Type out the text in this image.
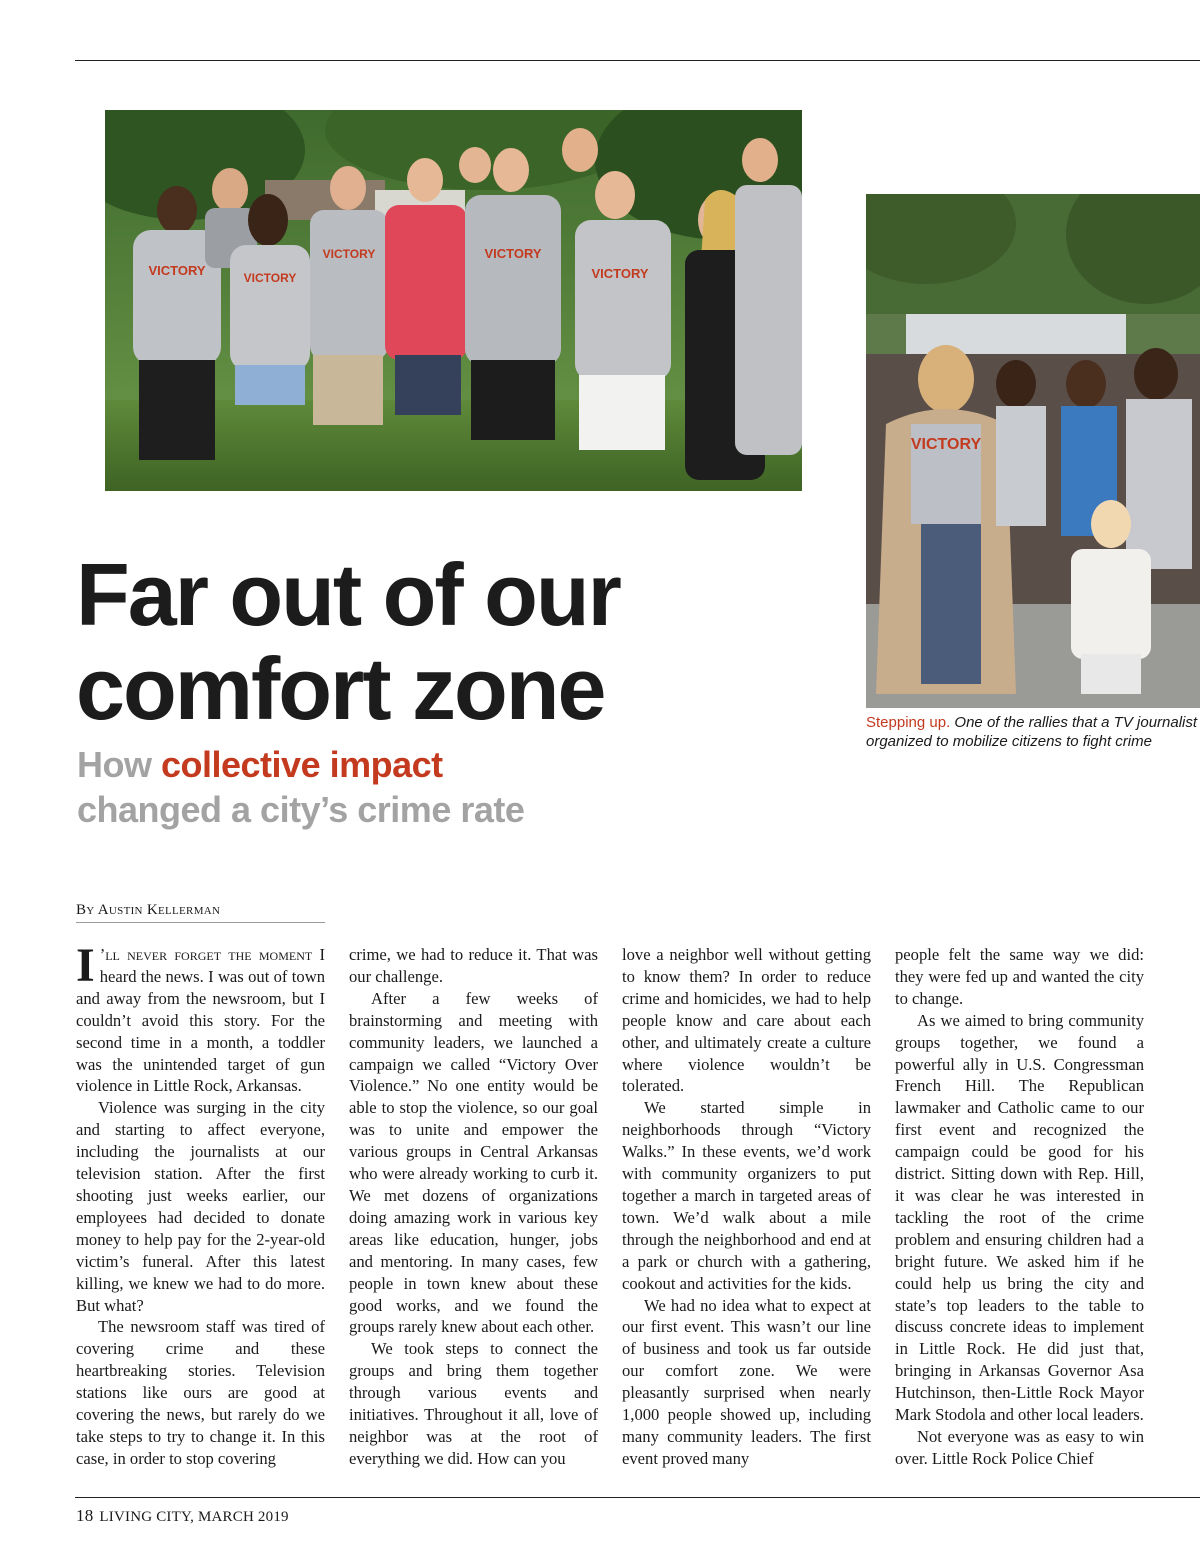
VICTORY	VICTORY
VICTORY	VICTORY
VICTORY
VICTORY
Stepping up. One of the rallies that a TV journalist organized to mobilize citizens to fight crime
Far out of our comfort zone
How collective impact
changed a city’s crime rate
By Austin Kellerman

I ’ll never forget the moment I heard the news. I was out of town and away from the newsroom, but I couldn’t avoid this story. For the second time in a month, a toddler was the unintended target of gun violence in Little Rock, Arkansas.

Violence was surging in the city and starting to affect everyone, including the journalists at our television station. After the first shooting just weeks earlier, our employees had decided to donate money to help pay for the 2-year-old victim’s funeral. After this latest killing, we knew we had to do more. But what?

The newsroom staff was tired of covering crime and these heartbreaking stories. Television stations like ours are good at covering the news, but rarely do we take steps to try to change it. In this case, in order to stop covering

crime, we had to reduce it. That was our challenge.

After a few weeks of brainstorming and meeting with community leaders, we launched a campaign we called “Victory Over Violence.” No one entity would be able to stop the violence, so our goal was to unite and empower the various groups in Central Arkansas who were already working to curb it. We met dozens of organizations doing amazing work in various key areas like education, hunger, jobs and mentoring. In many cases, few people in town knew about these good works, and we found the groups rarely knew about each other.

We took steps to connect the groups and bring them together through various events and initiatives. Throughout it all, love of neighbor was at the root of everything we did. How can you

love a neighbor well without getting to know them? In order to reduce crime and homicides, we had to help people know and care about each other, and ultimately create a culture where violence wouldn’t be tolerated.

We started simple in neighborhoods through “Victory Walks.” In these events, we’d work with community organizers to put together a march in targeted areas of town. We’d walk about a mile through the neighborhood and end at a park or church with a gathering, cookout and activities for the kids.

We had no idea what to expect at our first event. This wasn’t our line of business and took us far outside our comfort zone. We were pleasantly surprised when nearly 1,000 people showed up, including many community leaders. The first event proved many

people felt the same way we did: they were fed up and wanted the city to change.

As we aimed to bring community groups together, we found a powerful ally in U.S. Congressman French Hill. The Republican lawmaker and Catholic came to our first event and recognized the campaign could be good for his district. Sitting down with Rep. Hill, it was clear he was interested in tackling the root of the crime problem and ensuring children had a bright future. We asked him if he could help us bring the city and state’s top leaders to the table to discuss concrete ideas to implement in Little Rock. He did just that, bringing in Arkansas Governor Asa Hutchinson, then-Little Rock Mayor Mark Stodola and other local leaders.

Not everyone was as easy to win over. Little Rock Police Chief

18 LIVING CITY, MARCH 2019
